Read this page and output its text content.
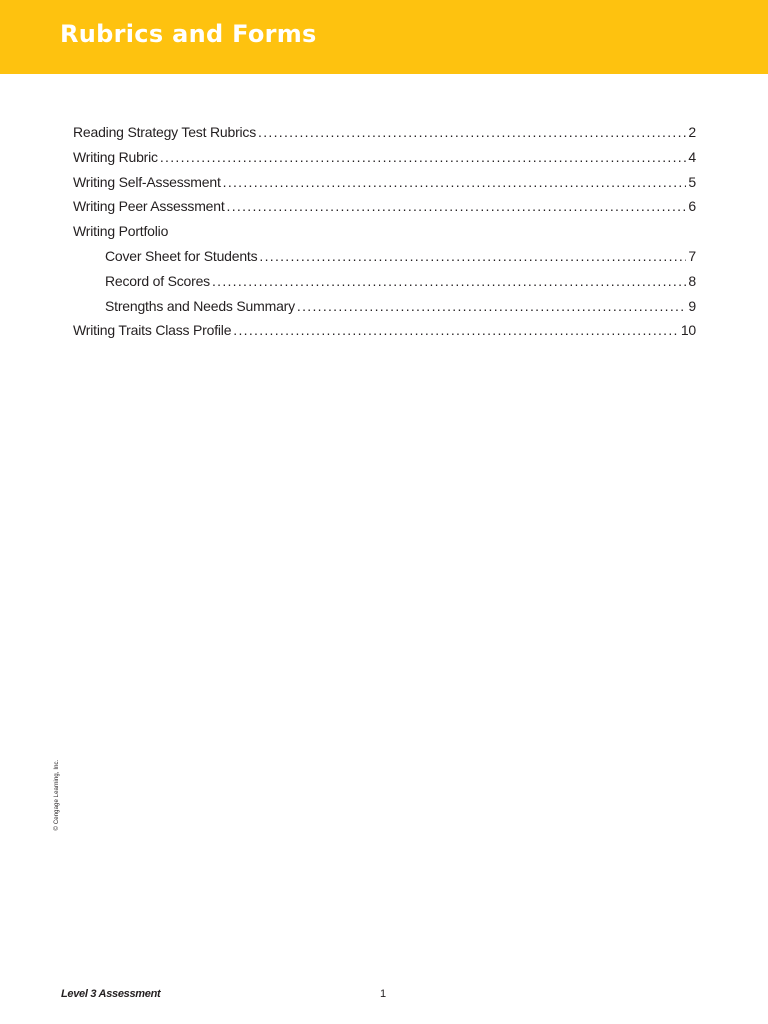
Rubrics and Forms
Reading Strategy Test Rubrics . . .	2
Writing Rubric . . .	4
Writing Self-Assessment . . .	5
Writing Peer Assessment . . .	6
Writing Portfolio
Cover Sheet for Students . . .	7
Record of Scores . . .	8
Strengths and Needs Summary . . .	9
Writing Traits Class Profile . . .	10
© Cengage Learning, Inc.
Level 3 Assessment	1
